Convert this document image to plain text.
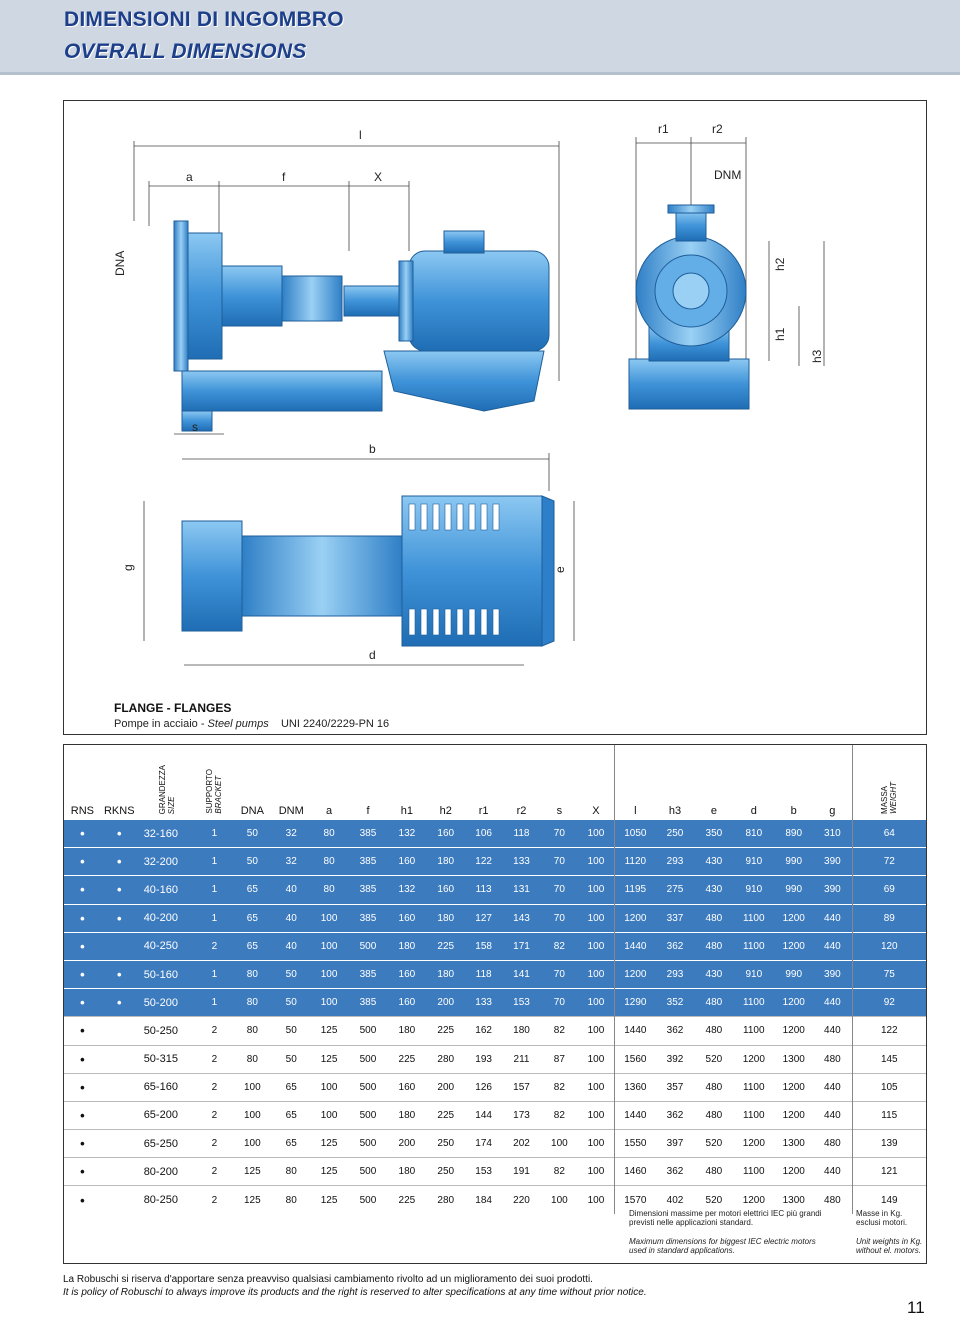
DIMENSIONI DI INGOMBRO
OVERALL DIMENSIONS
l
a	f	X
DNA
s
b
r1	r2
DNM
h2
h1
h3
g	e
d
FLANGE - FLANGES
Pompe in acciaio - Steel pumps UNI 2240/2229-PN 16
RNS	RKNS	GRANDEZZA
SIZE	SUPPORTO
BRACKET	DNA	DNM	a	f	h1	h2	r1	r2	s	X	l	h3	e	d	b	g	MASSA
WEIGHT
•	•	32-160	1	50	32	80	385	132	160	106	118	70	100	1050	250	350	810	890	310	64
•	•	32-200	1	50	32	80	385	160	180	122	133	70	100	1120	293	430	910	990	390	72
•	•	40-160	1	65	40	80	385	132	160	113	131	70	100	1195	275	430	910	990	390	69
•	•	40-200	1	65	40	100	385	160	180	127	143	70	100	1200	337	480	1100	1200	440	89
•		40-250	2	65	40	100	500	180	225	158	171	82	100	1440	362	480	1100	1200	440	120
•	•	50-160	1	80	50	100	385	160	180	118	141	70	100	1200	293	430	910	990	390	75
•	•	50-200	1	80	50	100	385	160	200	133	153	70	100	1290	352	480	1100	1200	440	92
•		50-250	2	80	50	125	500	180	225	162	180	82	100	1440	362	480	1100	1200	440	122
•		50-315	2	80	50	125	500	225	280	193	211	87	100	1560	392	520	1200	1300	480	145
•		65-160	2	100	65	100	500	160	200	126	157	82	100	1360	357	480	1100	1200	440	105
•		65-200	2	100	65	100	500	180	225	144	173	82	100	1440	362	480	1100	1200	440	115
•		65-250	2	100	65	125	500	200	250	174	202	100	100	1550	397	520	1200	1300	480	139
•		80-200	2	125	80	125	500	180	250	153	191	82	100	1460	362	480	1100	1200	440	121
•		80-250	2	125	80	125	500	225	280	184	220	100	100	1570	402	520	1200	1300	480	149
Dimensioni massime per motori elettrici IEC più grandi previsti nelle applicazioni standard.
Maximum dimensions for biggest IEC electric motors used in standard applications.
Masse in Kg. esclusi motori.
Unit weights in Kg. without el. motors.
La Robuschi si riserva d'apportare senza preavviso qualsiasi cambiamento rivolto ad un miglioramento dei suoi prodotti.
It is policy of Robuschi to always improve its products and the right is reserved to alter specifications at any time without prior notice.
11
